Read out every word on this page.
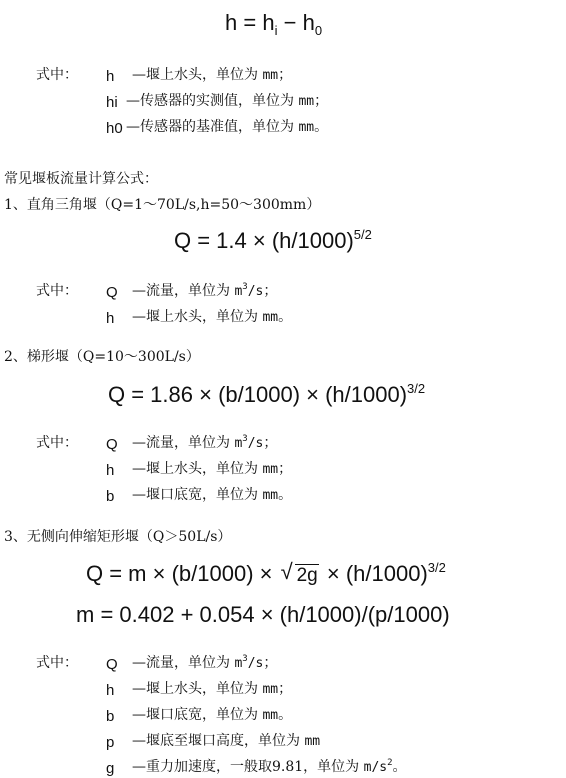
$h = h_i - h_0$
式中： h —堰上水头，单位为 mm；
hi —传感器的实测值，单位为 mm；
h0 —传感器的基准值，单位为 mm。
常见堰板流量计算公式：
1、直角三角堰（Q=1～70L/s,h=50～300mm）
$Q = 1.4 \times (h/1000)^{5/2}$
式中： Q —流量，单位为 $m^3/s$；
h —堰上水头，单位为 mm。
2、梯形堰（Q=10～300L/s）
$Q = 1.86 \times (b/1000) \times (h/1000)^{3/2}$
式中： Q —流量，单位为 $m^3/s$；
h —堰上水头，单位为 mm；
b —堰口底宽，单位为 mm。
3、无侧向伸缩矩形堰（Q＞50L/s）
Q = m × (b/1000) × √ $2g \times (h/1000)^{3/2}$
m = 0.402 + 0.054 × (h/1000)/(p/1000)
式中： Q —流量，单位为 $m^3/s$；
h —堰上水头，单位为 mm；
b —堰口底宽，单位为 mm。
p —堰底至堰口高度，单位为 mm
g —重力加速度，一般取9.81，单位为 $m/s^2$。
